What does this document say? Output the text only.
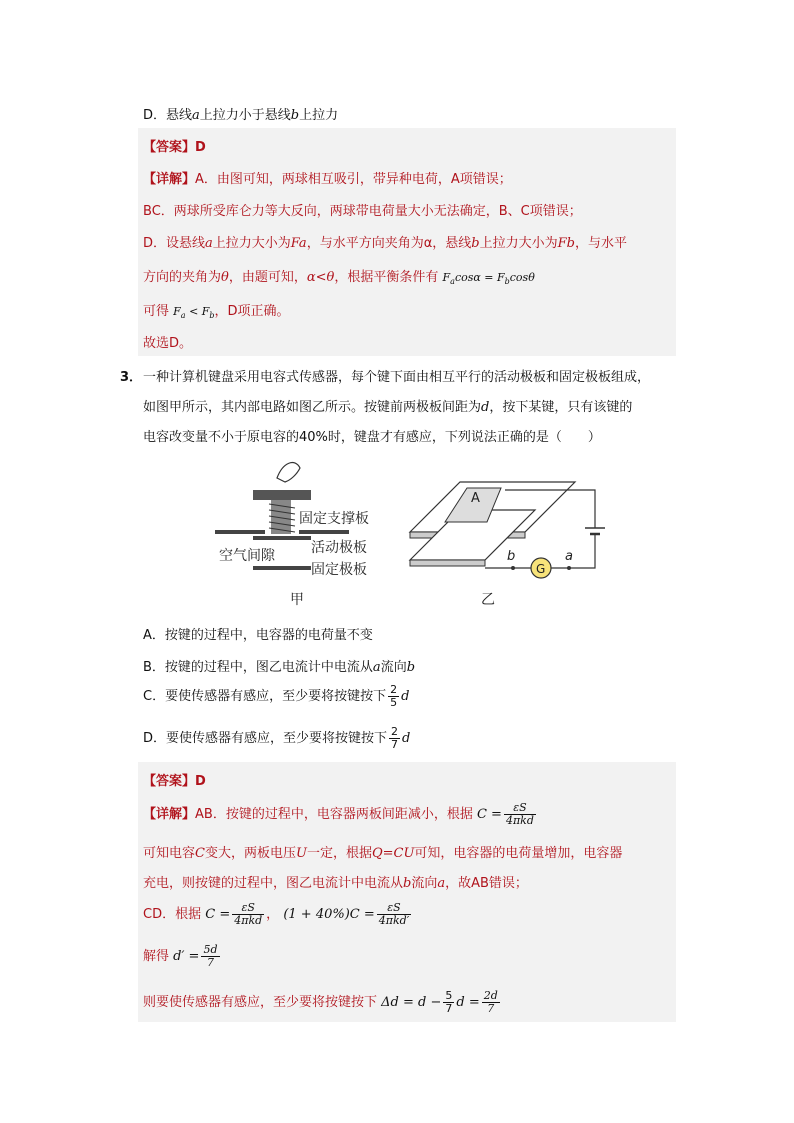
D．悬线a上拉力小于悬线b上拉力
【答案】D
【详解】A．由图可知，两球相互吸引，带异种电荷，A项错误；
BC．两球所受库仑力等大反向，两球带电荷量大小无法确定，B、C项错误；
D．设悬线a上拉力大小为Fa，与水平方向夹角为α，悬线b上拉力大小为Fb，与水平
方向的夹角为θ，由题可知，α<θ，根据平衡条件有 $F_a\cos\alpha = F_b\cos\theta$
可得 $F_a < F_b$，D项正确。
故选D。
3． 一种计算机键盘采用电容式传感器，每个键下面由相互平行的活动极板和固定极板组成，
如图甲所示，其内部电路如图乙所示。按键前两极板间距为d，按下某键，只有该键的
电容改变量不小于原电容的40%时，键盘才有感应，下列说法正确的是（　　）
固定支撑板
空气间隙	活动极板
固定极板
甲
A
G
b	a
乙
A．按键的过程中，电容器的电荷量不变
B．按键的过程中，图乙电流计中电流从a流向b
C．要使传感器有感应，至少要将按键按下 $\frac{2}{5}$ d
D．要使传感器有感应，至少要将按键按下 $\frac{2}{7}$ d
【答案】D
【详解】AB．按键的过程中，电容器两板间距减小，根据 $C = \frac{\varepsilon S}{\text{4πkd}}$
可知电容C变大，两板电压U一定，根据Q=CU可知，电容器的电荷量增加，电容器
充电，则按键的过程中，图乙电流计中电流从b流向a，故AB错误；
CD．根据 $C = \frac{\varepsilon S}{\text{4πkd}}$ ， $(1 + 40\%)C = \frac{\varepsilon S}{\text{4πkd′}}$
解得 $d' = \frac{5d}{7}$
则要使传感器有感应，至少要将按键按下 $\Delta d = d - \frac{5}{7}$ $d = \frac{2d}{7}$
